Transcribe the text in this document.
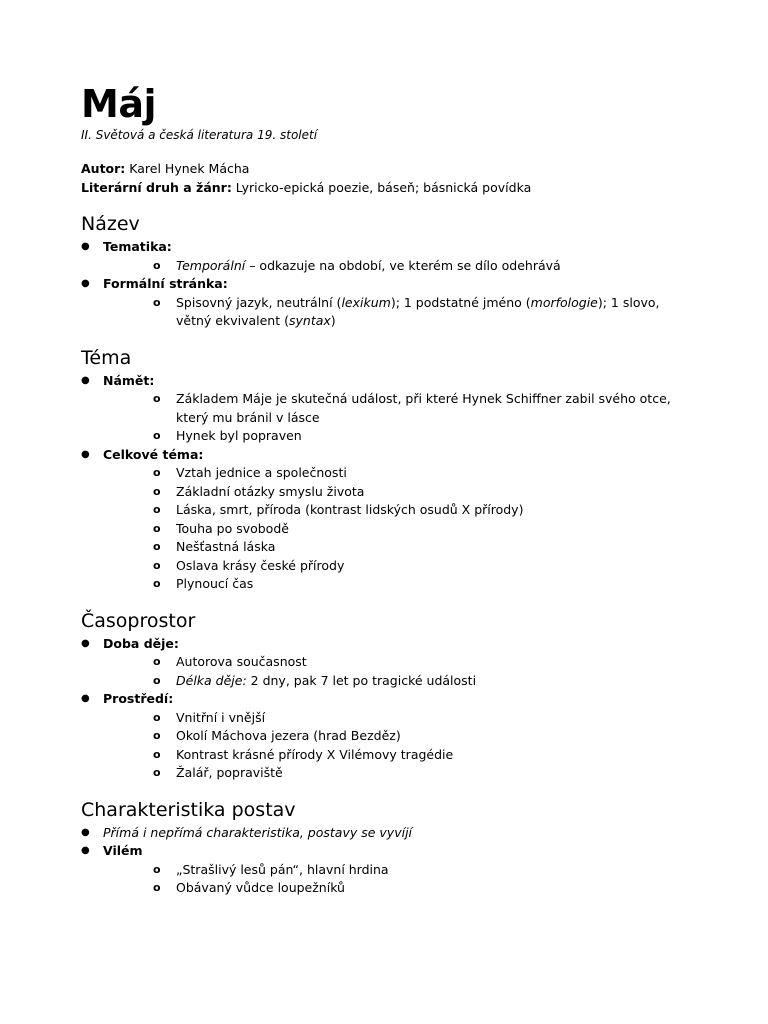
Máj
II. Světová a česká literatura 19. století
Autor: Karel Hynek Mácha
Literární druh a žánr: Lyricko-epická poezie, báseň; básnická povídka
Název
● Tematika:
o Temporální – odkazuje na období, ve kterém se dílo odehrává
● Formální stránka:
o Spisovný jazyk, neutrální (lexikum); 1 podstatné jméno (morfologie); 1 slovo, větný ekvivalent (syntax)
Téma
● Námět:
o Základem Máje je skutečná událost, při které Hynek Schiffner zabil svého otce, který mu bránil v lásce
o Hynek byl popraven
● Celkové téma:
o Vztah jednice a společnosti
o Základní otázky smyslu života
o Láska, smrt, příroda (kontrast lidských osudů X přírody)
o Touha po svobodě
o Nešťastná láska
o Oslava krásy české přírody
o Plynoucí čas
Časoprostor
● Doba děje:
o Autorova současnost
o Délka děje: 2 dny, pak 7 let po tragické události
● Prostředí:
o Vnitřní i vnější
o Okolí Máchova jezera (hrad Bezděz)
o Kontrast krásné přírody X Vilémovy tragédie
o Žalář, popraviště
Charakteristika postav
● Přímá i nepřímá charakteristika, postavy se vyvíjí
● Vilém
o „Strašlivý lesů pán“, hlavní hrdina
o Obávaný vůdce loupežníků
